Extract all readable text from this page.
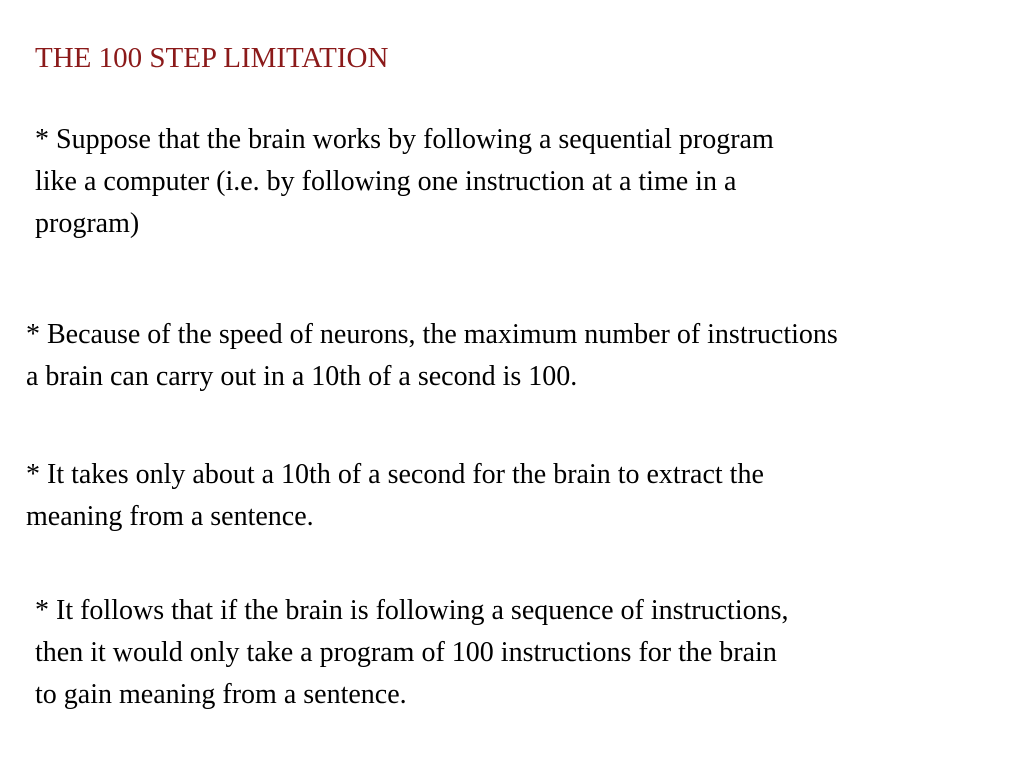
THE 100 STEP LIMITATION
* Suppose that the brain works by following a sequential program
like a computer (i.e. by following one instruction at a time in a
program)
* Because of the speed of neurons, the maximum number of instructions
a brain can carry out in a 10th of a second is 100.
* It takes only about a 10th of a second for the brain to extract the
meaning from a sentence.
* It follows that if the brain is following a sequence of instructions,
then it would only take a program of 100 instructions for the brain
to gain meaning from a sentence.
